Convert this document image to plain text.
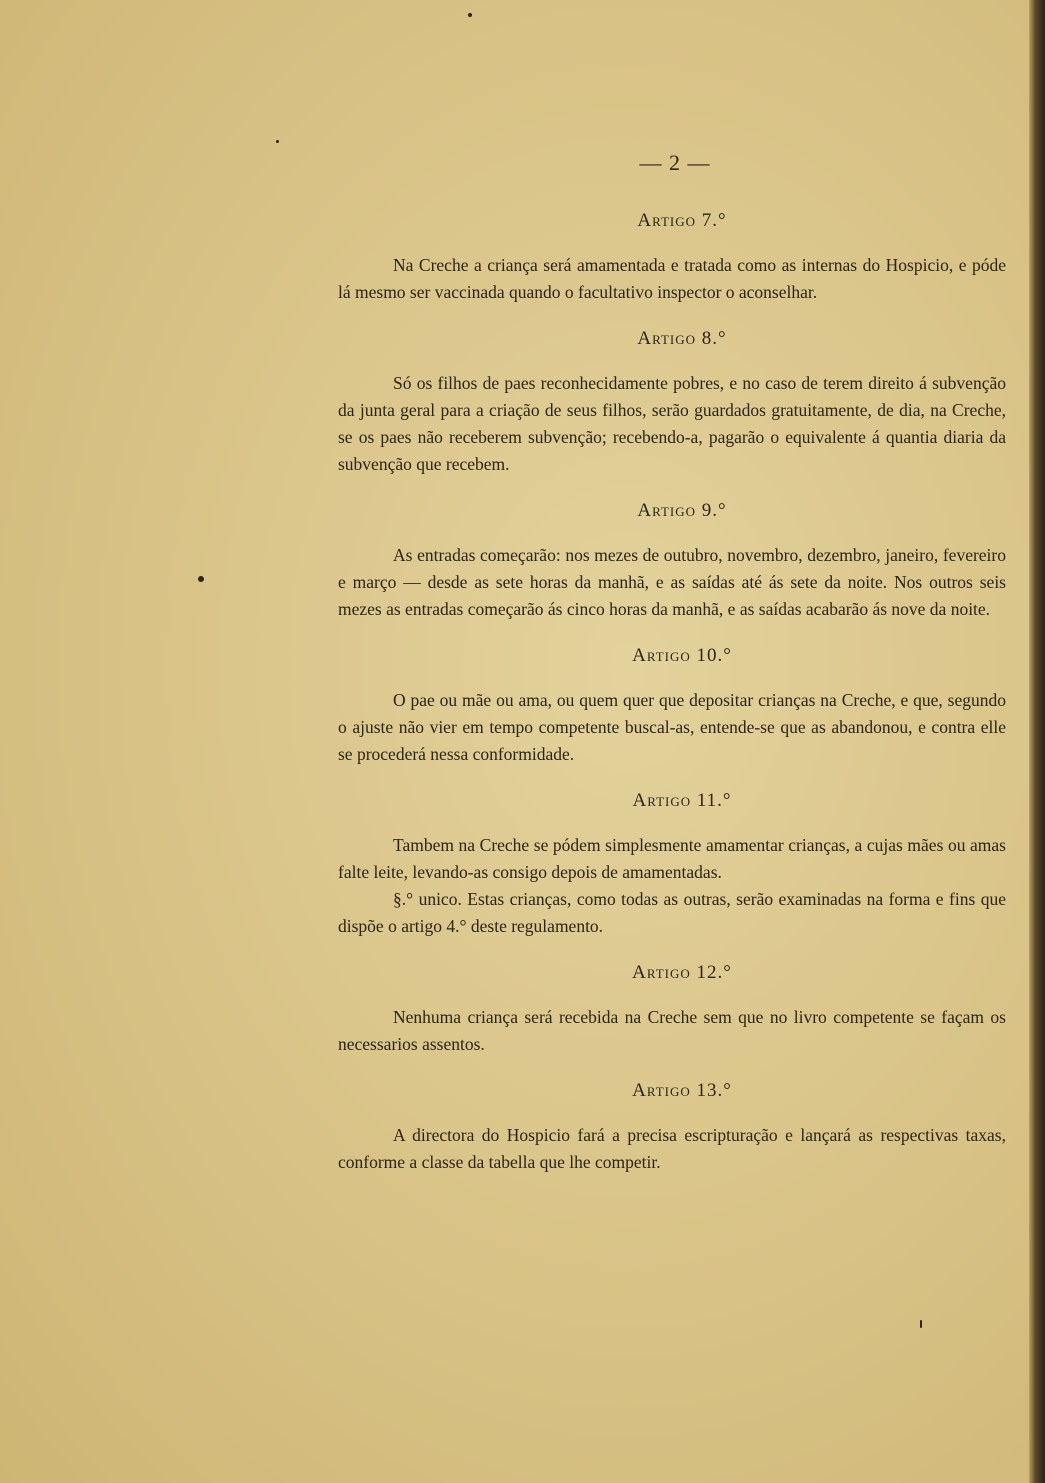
— 2 —
Artigo 7.°

Na Creche a criança será amamentada e tratada como as internas do Hospicio, e póde lá mesmo ser vaccinada quando o facultativo inspector o aconselhar.

Artigo 8.°

Só os filhos de paes reconhecidamente pobres, e no caso de terem direito á subvenção da junta geral para a criação de seus filhos, serão guardados gratuitamente, de dia, na Creche, se os paes não receberem subvenção; recebendo-a, pagarão o equivalente á quantia diaria da subvenção que recebem.

Artigo 9.°

As entradas começarão: nos mezes de outubro, novembro, dezembro, janeiro, fevereiro e março — desde as sete horas da manhã, e as saídas até ás sete da noite. Nos outros seis mezes as entradas começarão ás cinco horas da manhã, e as saídas acabarão ás nove da noite.

Artigo 10.°

O pae ou mãe ou ama, ou quem quer que depositar crianças na Creche, e que, segundo o ajuste não vier em tempo competente buscal-as, entende-se que as abandonou, e contra elle se procederá nessa conformidade.

Artigo 11.°

Tambem na Creche se pódem simplesmente amamentar crianças, a cujas mães ou amas falte leite, levando-as consigo depois de amamentadas.

§.° unico. Estas crianças, como todas as outras, serão examinadas na forma e fins que dispõe o artigo 4.° deste regulamento.

Artigo 12.°

Nenhuma criança será recebida na Creche sem que no livro competente se façam os necessarios assentos.

Artigo 13.°

A directora do Hospicio fará a precisa escripturação e lançará as respectivas taxas, conforme a classe da tabella que lhe competir.
